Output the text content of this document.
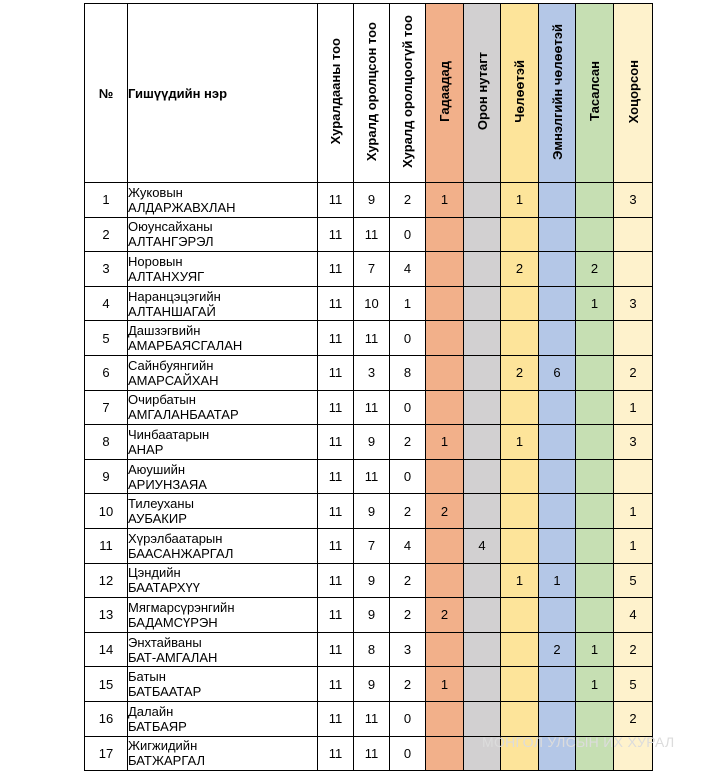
№	Гишүүдийн нэр	Хуралдааны тоо	Хуралд оролцсон тоо	Хуралд оролцоогүй тоо	Гадаадад	Орон нутагт	Чөлөөтэй	Эмнэлгийн чөлөөтэй	Тасалсан	Хоцорсон
1	Жуковын
АЛДАРЖАВХЛАН	11	9	2	1		1			3
2	Оюунсайханы
АЛТАНГЭРЭЛ	11	11	0						
3	Норовын
АЛТАНХУЯГ	11	7	4			2		2	
4	Наранцэцэгийн
АЛТАНШАГАЙ	11	10	1					1	3
5	Дашзэгвийн
АМАРБАЯСГАЛАН	11	11	0						
6	Сайнбуянгийн
АМАРСАЙХАН	11	3	8			2	6		2
7	Очирбатын
АМГАЛАНБААТАР	11	11	0						1
8	Чинбаатарын
АНАР	11	9	2	1		1			3
9	Аюушийн
АРИУНЗАЯА	11	11	0						
10	Тилеуханы
АУБАКИР	11	9	2	2					1
11	Хүрэлбаатарын
БААСАНЖАРГАЛ	11	7	4		4				1
12	Цэндийн
БААТАРХҮҮ	11	9	2			1	1		5
13	Мягмарсүрэнгийн
БАДАМСҮРЭН	11	9	2	2					4
14	Энхтайваны
БАТ-АМГАЛАН	11	8	3				2	1	2
15	Батын
БАТБААТАР	11	9	2	1				1	5
16	Далайн
БАТБАЯР	11	11	0						2
17	Жигжидийн
БАТЖАРГАЛ	11	11	0						
МОНГОЛ УЛСЫН ИХ ХУРАЛ
